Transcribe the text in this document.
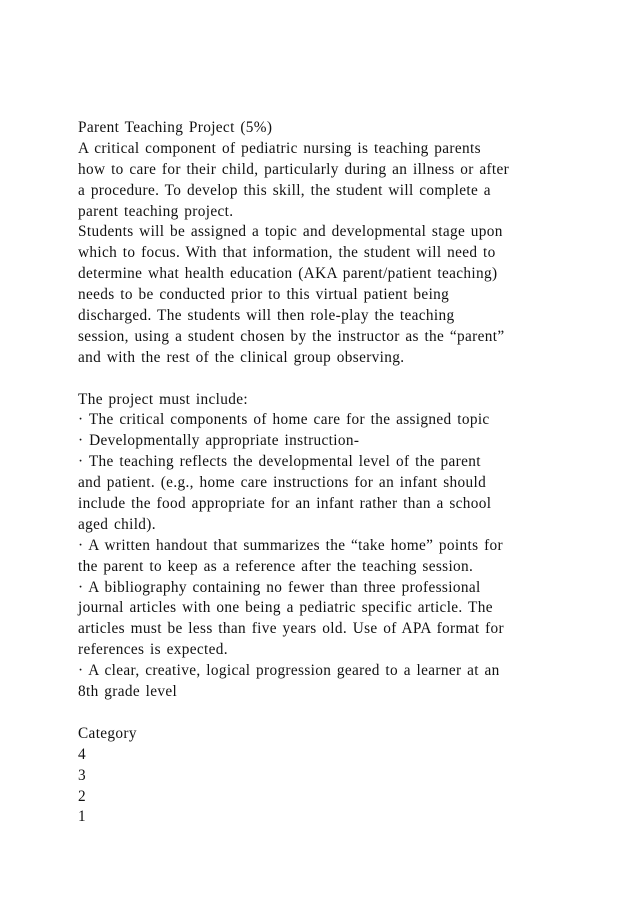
Parent Teaching Project (5%)
A critical component of pediatric nursing is teaching parents
how to care for their child, particularly during an illness or after
a procedure. To develop this skill, the student will complete a
parent teaching project.
Students will be assigned a topic and developmental stage upon
which to focus. With that information, the student will need to
determine what health education (AKA parent/patient teaching)
needs to be conducted prior to this virtual patient being
discharged. The students will then role-play the teaching
session, using a student chosen by the instructor as the “parent”
and with the rest of the clinical group observing.
The project must include:
· The critical components of home care for the assigned topic
· Developmentally appropriate instruction-
· The teaching reflects the developmental level of the parent
and patient. (e.g., home care instructions for an infant should
include the food appropriate for an infant rather than a school
aged child).
· A written handout that summarizes the “take home” points for
the parent to keep as a reference after the teaching session.
· A bibliography containing no fewer than three professional
journal articles with one being a pediatric specific article. The
articles must be less than five years old. Use of APA format for
references is expected.
· A clear, creative, logical progression geared to a learner at an
8th grade level
Category
4
3
2
1
